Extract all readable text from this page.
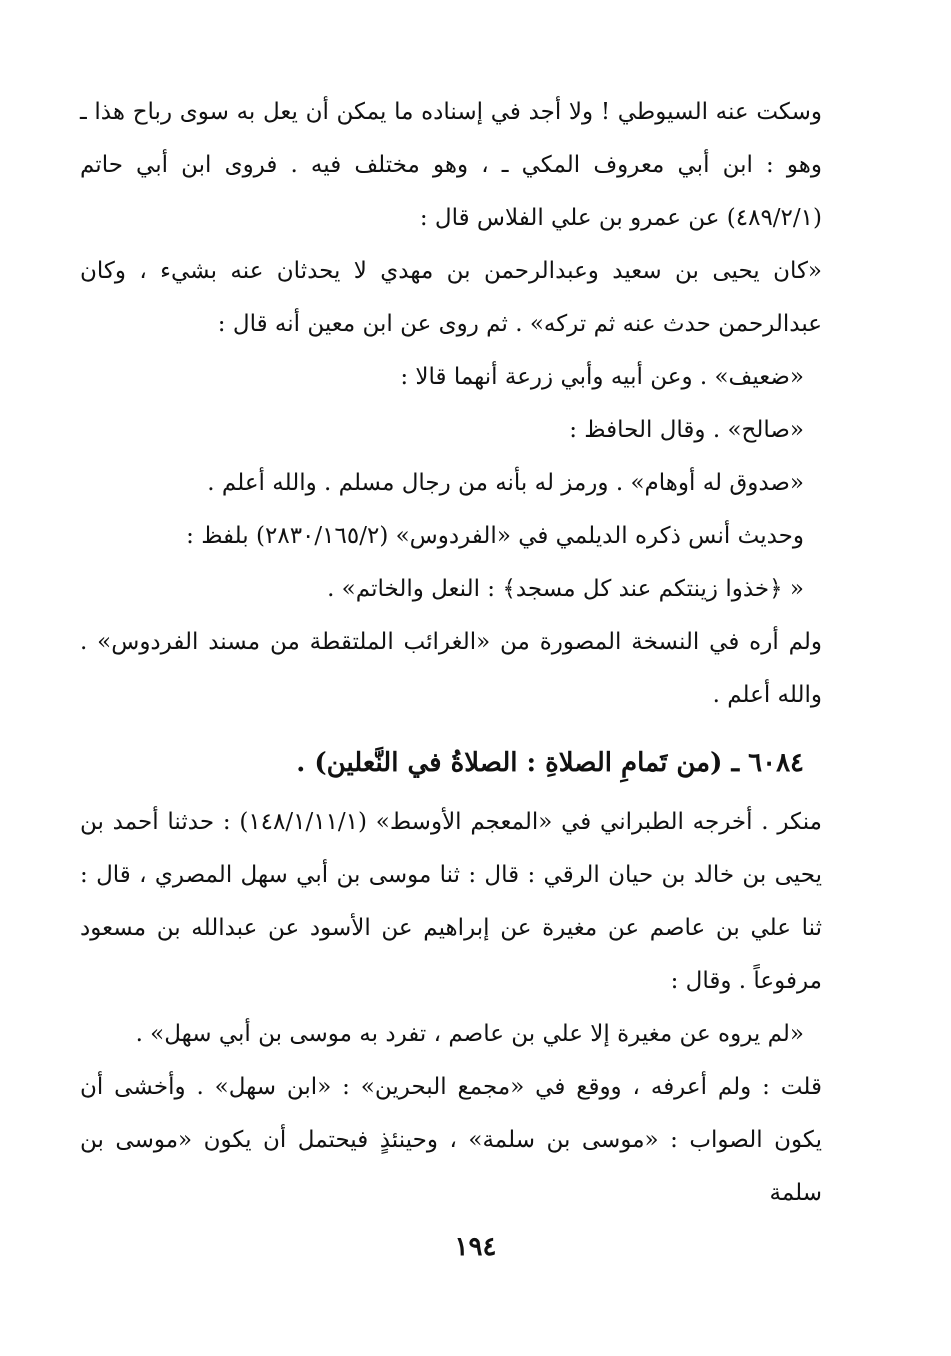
وسكت عنه السيوطي ! ولا أجد في إسناده ما يمكن أن يعل به سوى رباح هذا ـ وهو : ابن أبي معروف المكي ـ ، وهو مختلف فيه . فروى ابن أبي حاتم (٤٨٩/٢/١) عن عمرو بن علي الفلاس قال :

«كان يحيى بن سعيد وعبدالرحمن بن مهدي لا يحدثان عنه بشيء ، وكان عبدالرحمن حدث عنه ثم تركه» . ثم روى عن ابن معين أنه قال :

«ضعيف» . وعن أبيه وأبي زرعة أنهما قالا :

«صالح» . وقال الحافظ :

«صدوق له أوهام» . ورمز له بأنه من رجال مسلم . والله أعلم .

وحديث أنس ذكره الديلمي في «الفردوس» (٢٨٣٠/١٦٥/٢) بلفظ :

« ﴿خذوا زينتكم عند كل مسجد﴾ : النعل والخاتم» .

ولم أره في النسخة المصورة من «الغرائب الملتقطة من مسند الفردوس» . والله أعلم .

٦٠٨٤ ـ (من تَمامِ الصلاةِ : الصلاةُ في النَّعلين) .

منكر . أخرجه الطبراني في «المعجم الأوسط» (١٤٨/١/١١/١) : حدثنا أحمد بن يحيى بن خالد بن حيان الرقي : قال : ثنا موسى بن أبي سهل المصري ، قال : ثنا علي بن عاصم عن مغيرة عن إبراهيم عن الأسود عن عبدالله بن مسعود مرفوعاً . وقال :

«لم يروه عن مغيرة إلا علي بن عاصم ، تفرد به موسى بن أبي سهل» .

قلت : ولم أعرفه ، ووقع في «مجمع البحرين» : «ابن سهل» . وأخشى أن يكون الصواب : «موسى بن سلمة» ، وحينئذٍ فيحتمل أن يكون «موسى بن سلمة

١٩٤
